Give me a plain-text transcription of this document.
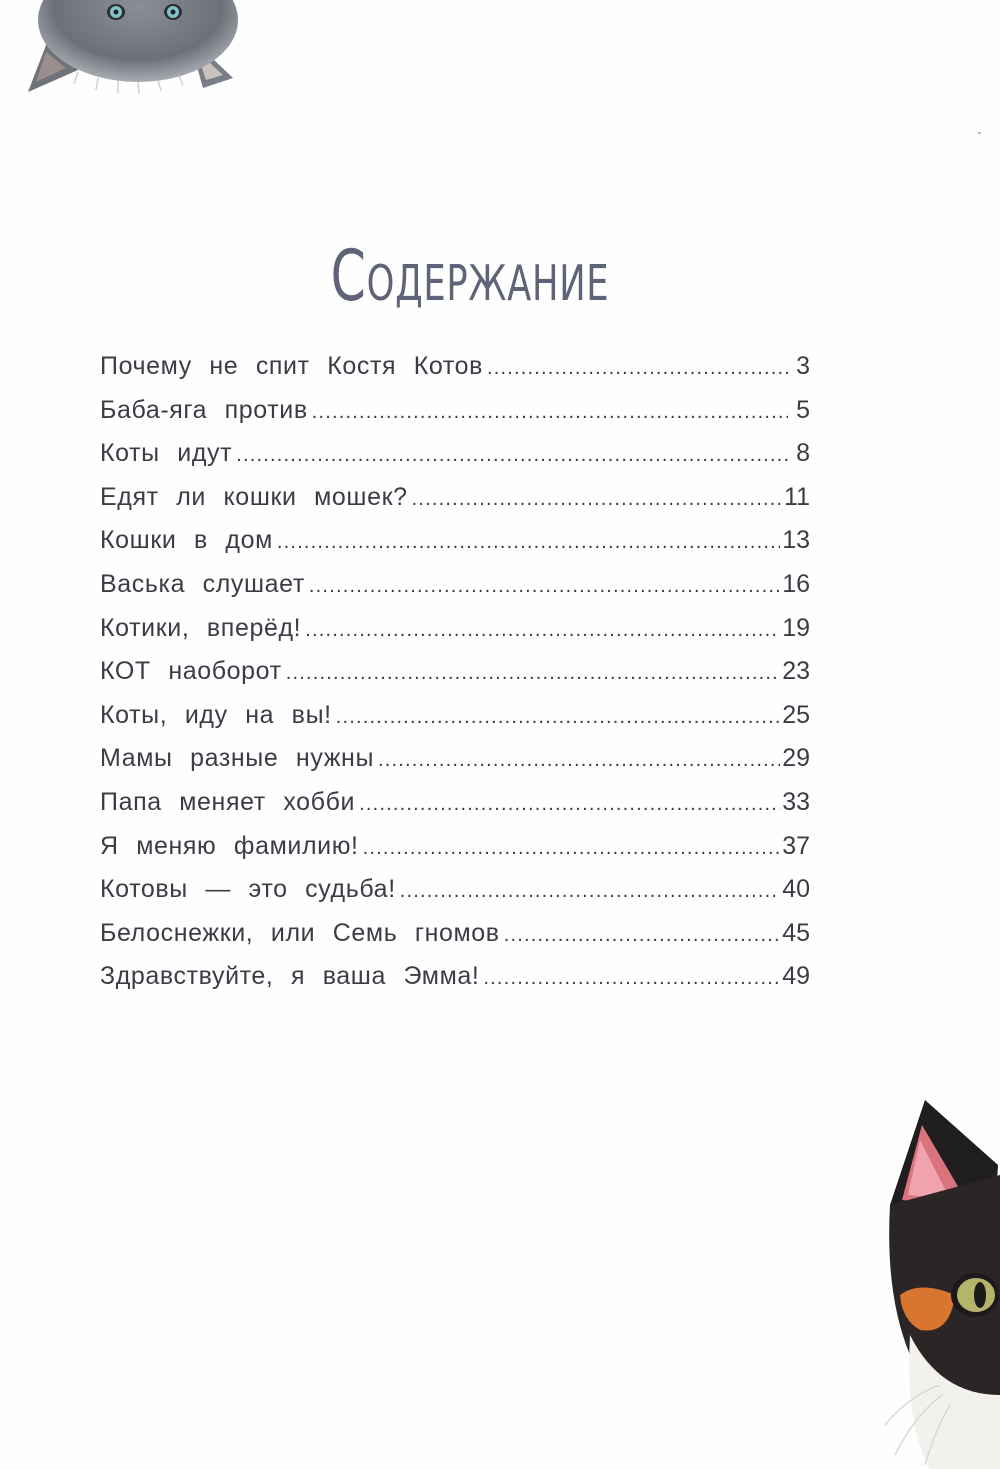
Содержание
Почему не спит Костя Котов .....	3
Баба-яга против .....	5
Коты идут .....	8
Едят ли кошки мошек? .....	11
Кошки в дом .....	13
Васька слушает .....	16
Котики, вперёд! .....	19
КОТ наоборот .....	23
Коты, иду на вы! .....	25
Мамы разные нужны .....	29
Папа меняет хобби .....	33
Я меняю фамилию! .....	37
Котовы — это судьба! .....	40
Белоснежки, или Семь гномов .....	45
Здравствуйте, я ваша Эмма! .....	49
